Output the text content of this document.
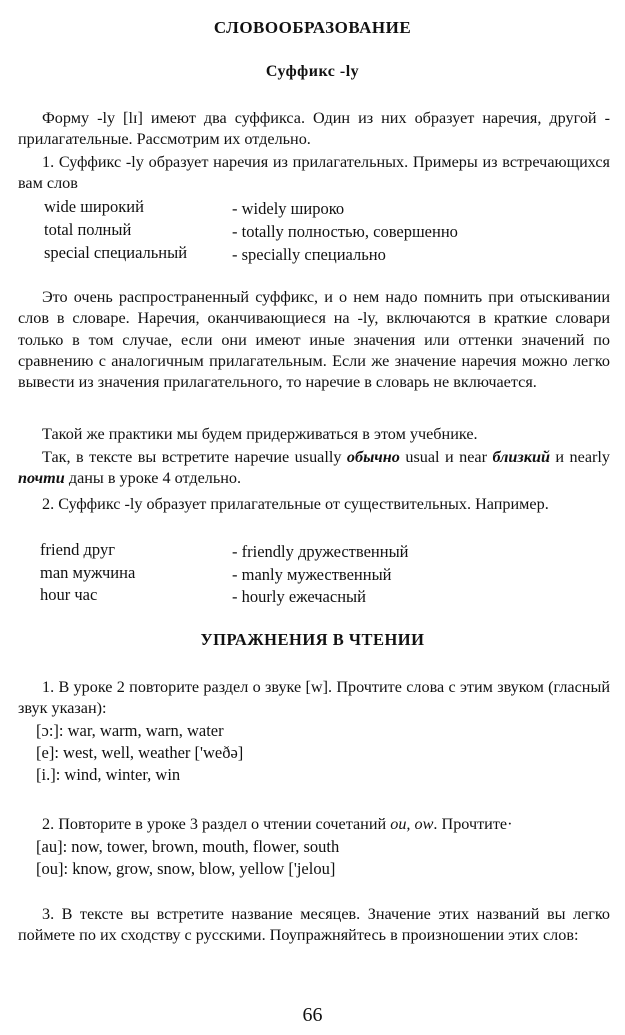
СЛОВООБРАЗОВАНИЕ
Суффикс -ly
Форму -ly [lɪ] имеют два суффикса. Один из них образует наречия, другой - прилагательные. Рассмотрим их отдельно.
1. Суффикс -ly образует наречия из прилагательных. Примеры из встречающихся вам слов
wide широкий	- widely широко
total полный	- totally полностью, совершенно
special специальный	- specially специально
Это очень распространенный суффикс, и о нем надо помнить при отыскивании слов в словаре. Наречия, оканчивающиеся на -ly, включаются в краткие словари только в том случае, если они имеют иные значения или оттенки значений по сравнению с аналогичным прилагательным. Если же значение наречия можно легко вывести из значения прилагательного, то наречие в словарь не включается.
Такой же практики мы будем придерживаться в этом учебнике.
Так, в тексте вы встретите наречие usually обычно usual и near близкий и nearly почти даны в уроке 4 отдельно.
2. Суффикс -ly образует прилагательные от существительных. Например.
friend друг	- friendly дружественный
man мужчина	- manly мужественный
hour час	- hourly ежечасный
УПРАЖНЕНИЯ В ЧТЕНИИ
1. В уроке 2 повторите раздел о звуке [w]. Прочтите слова с этим звуком (гласный звук указан):
[ɔ:]: war, warm, warn, water
[e]: west, well, weather ['weðə]
[i.]: wind, winter, win
2. Повторите в уроке 3 раздел о чтении сочетаний ou, ow. Прочтите·
[au]: now, tower, brown, mouth, flower, south
[ou]: know, grow, snow, blow, yellow ['jelou]
3. В тексте вы встретите название месяцев. Значение этих названий вы легко поймете по их сходству с русскими. Поупражняйтесь в произношении этих слов:
66
